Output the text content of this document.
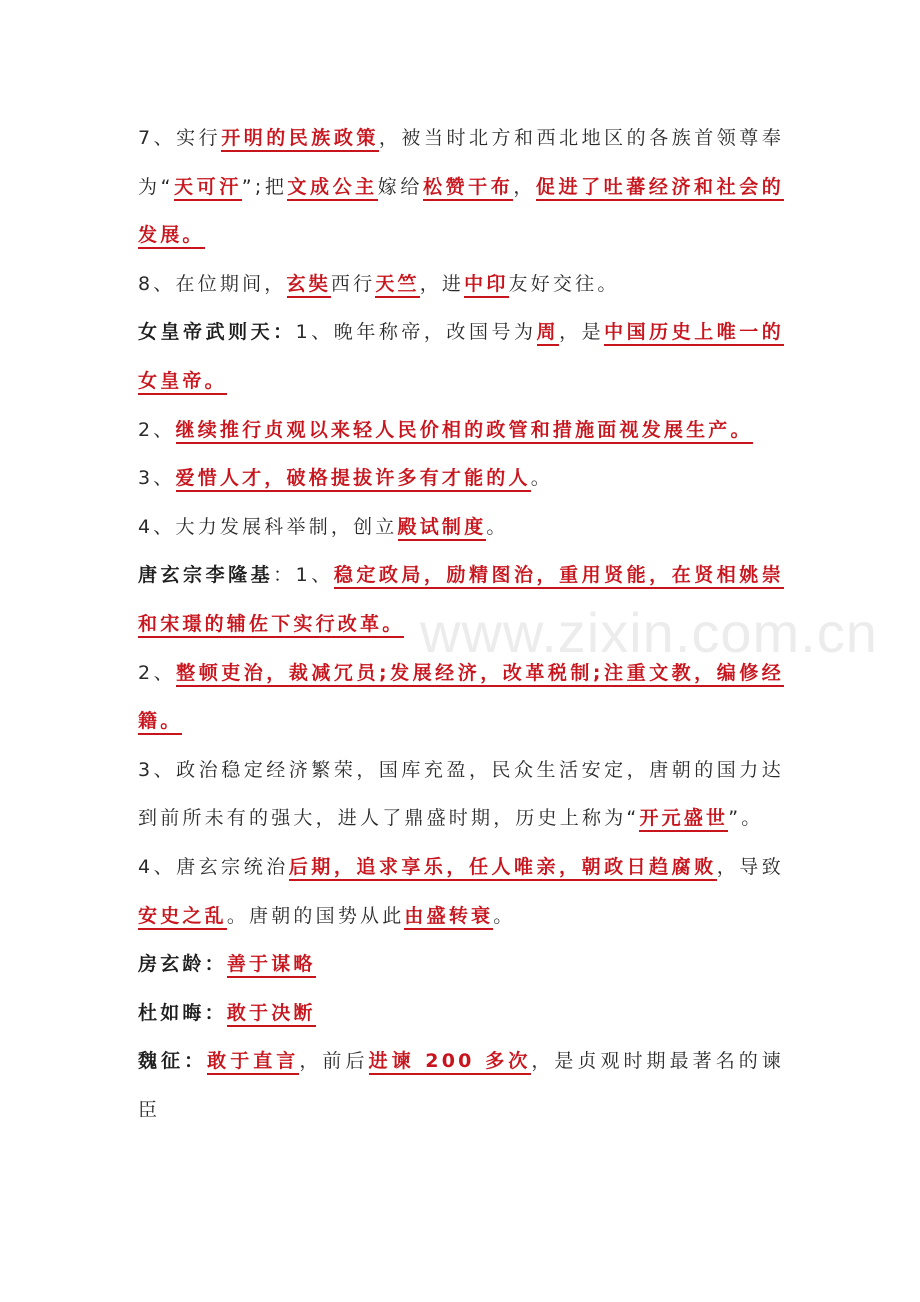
www.zixin.com.cn

7、实行开明的民族政策，被当时北方和西北地区的各族首领尊奉为“天可汗”;把文成公主嫁给松赞干布，促进了吐蕃经济和社会的发展。

8、在位期间，玄奘西行天竺，进中印友好交往。

女皇帝武则天：1、晚年称帝，改国号为周，是中国历史上唯一的女皇帝。

2、继续推行贞观以来轻人民价相的政管和措施面视发展生产。

3、爱惜人才，破格提拔许多有才能的人。

4、大力发展科举制，创立殿试制度。

唐玄宗李隆基：1、稳定政局，励精图治，重用贤能，在贤相姚崇和宋璟的辅佐下实行改革。

2、整顿吏治，裁减冗员;发展经济，改革税制;注重文教，编修经籍。

3、政治稳定经济繁荣，国库充盈，民众生活安定，唐朝的国力达到前所未有的强大，进人了鼎盛时期，历史上称为“开元盛世”。

4、唐玄宗统治后期，追求享乐，任人唯亲，朝政日趋腐败，导致安史之乱。唐朝的国势从此由盛转衰。

房玄龄：善于谋略

杜如晦：敢于决断

魏征：敢于直言，前后进谏 200 多次，是贞观时期最著名的谏臣
